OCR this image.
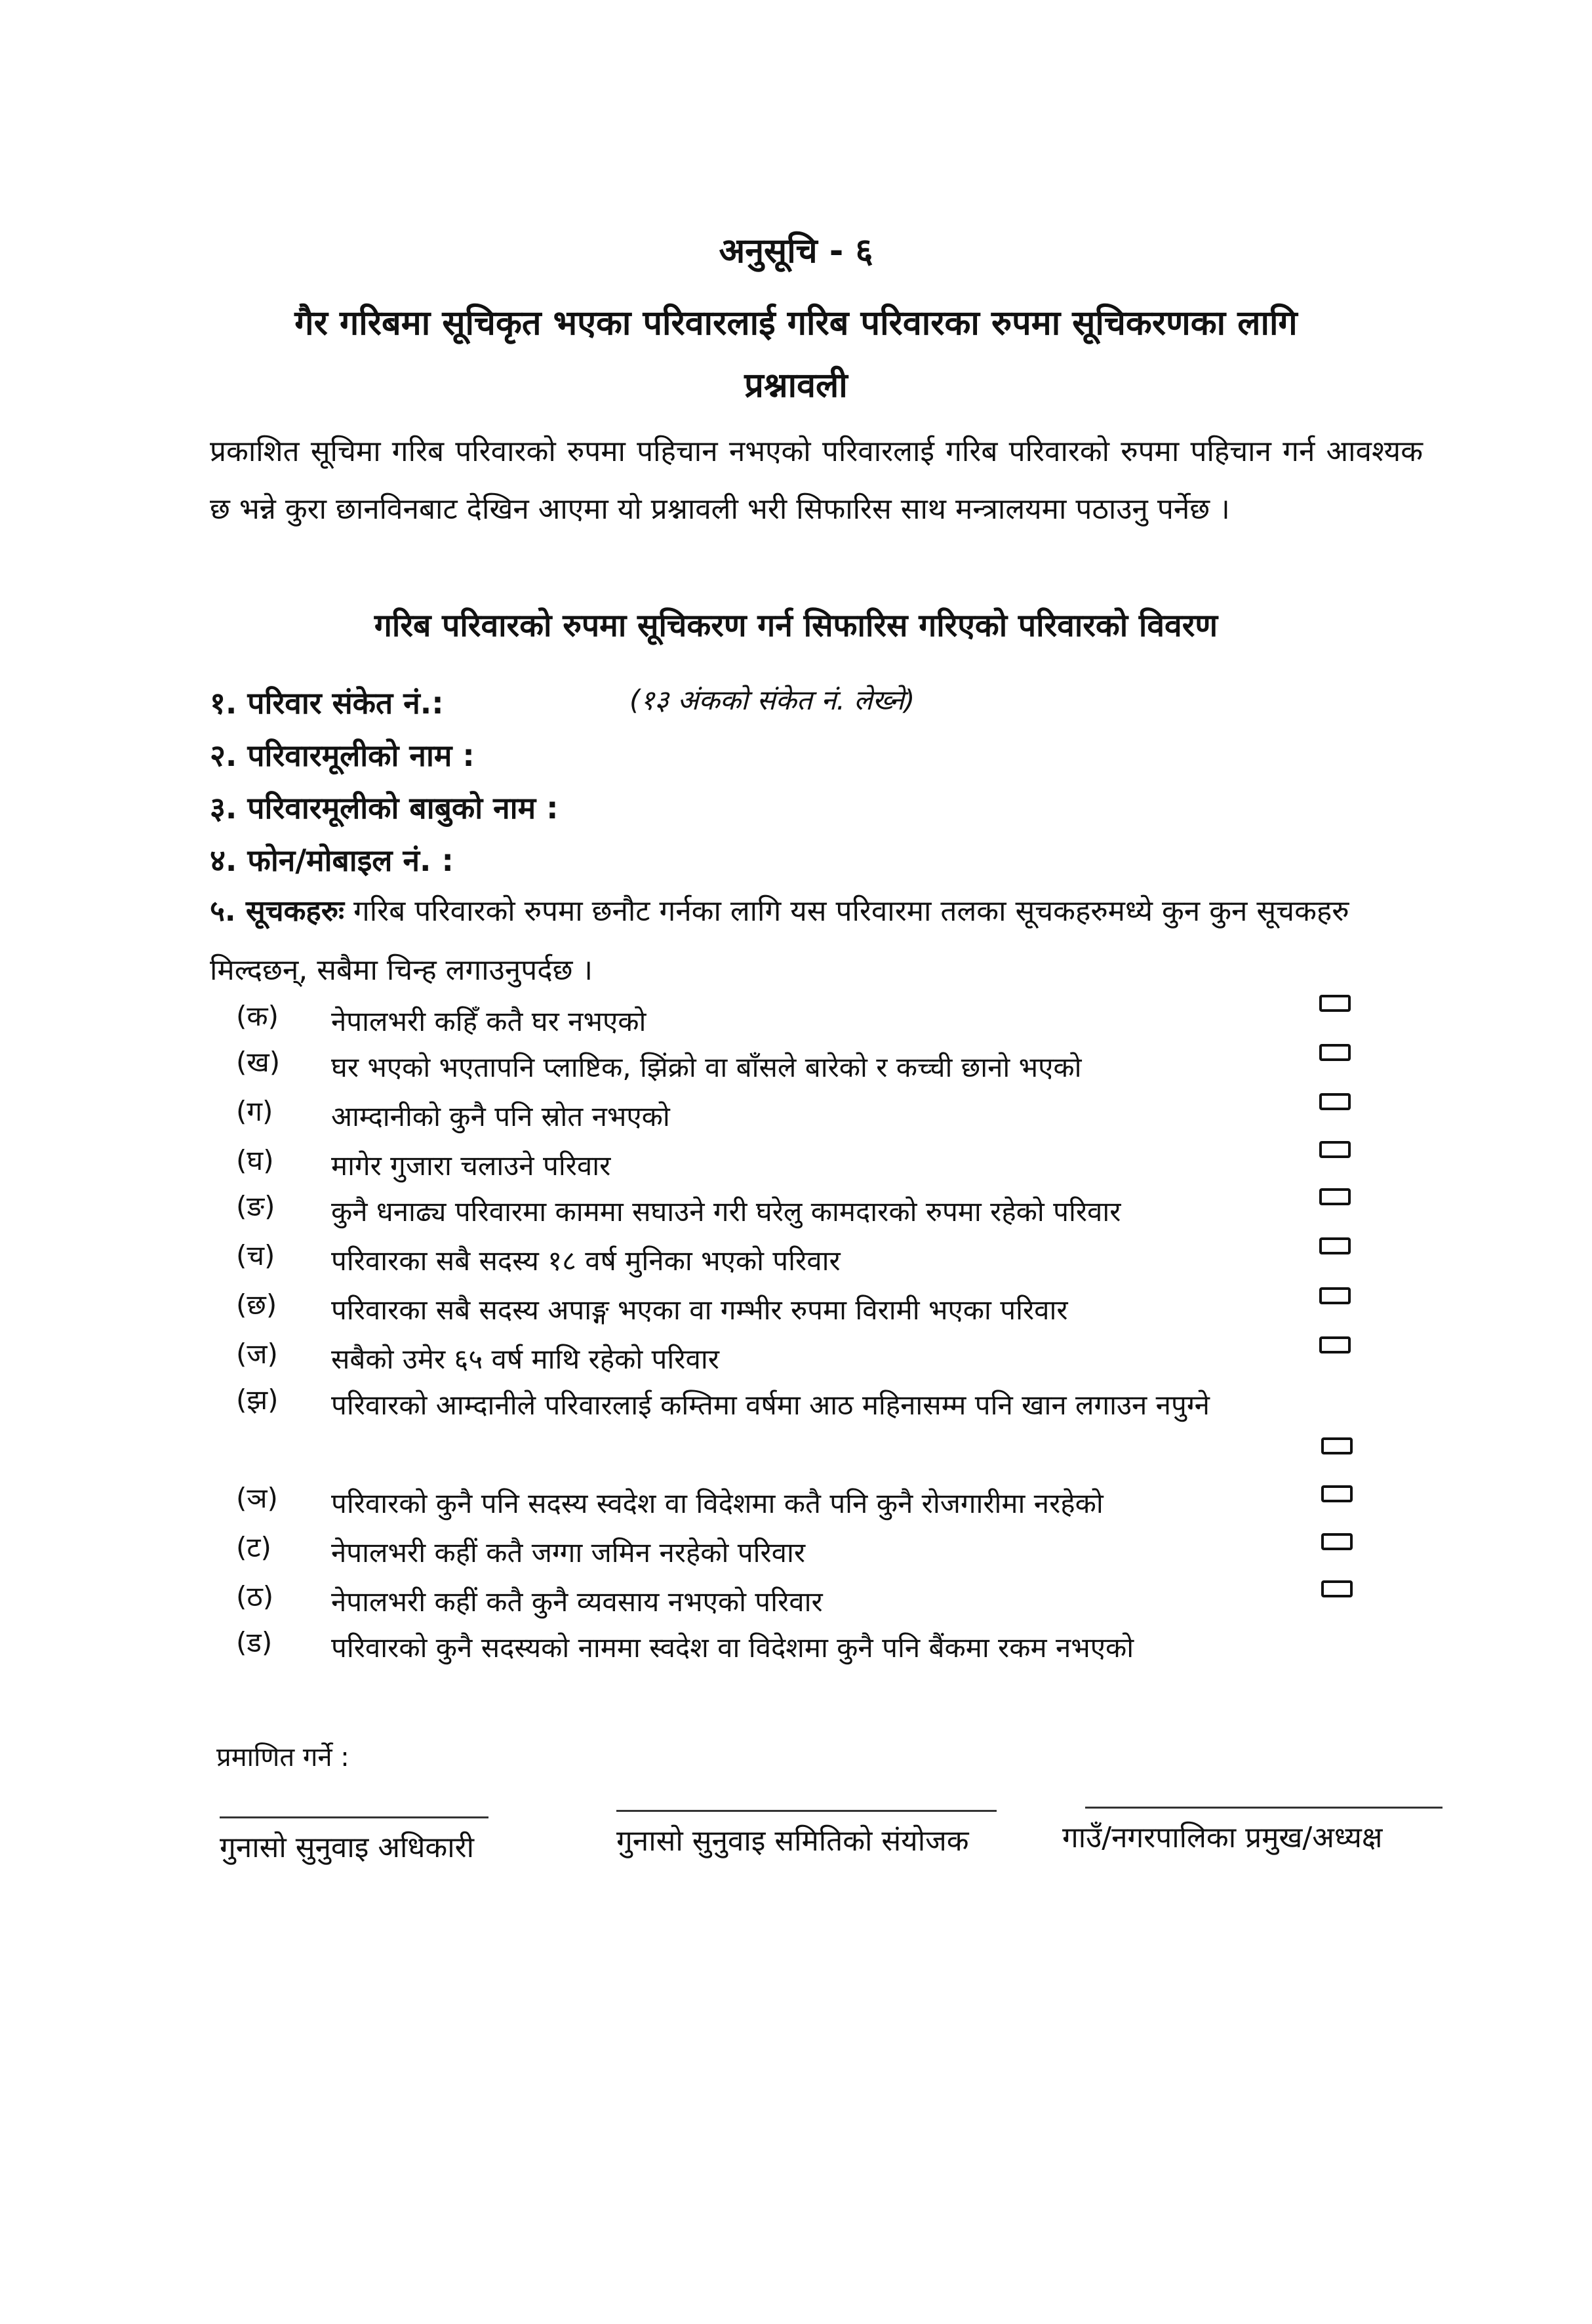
अनुसूचि - ६
गैर गरिबमा सूचिकृत भएका परिवारलाई गरिब परिवारका रुपमा सूचिकरणका लागि
प्रश्नावली
प्रकाशित सूचिमा गरिब परिवारको रुपमा पहिचान नभएको परिवारलाई गरिब परिवारको रुपमा पहिचान गर्न आवश्यक छ भन्ने कुरा छानविनबाट देखिन आएमा यो प्रश्नावली भरी सिफारिस साथ मन्त्रालयमा पठाउनु पर्नेछ ।
गरिब परिवारको रुपमा सूचिकरण गर्न सिफारिस गरिएको परिवारको विवरण
१. परिवार संकेत नं.:	(१३ अंकको संकेत नं. लेख्ने)
२. परिवारमूलीको नाम :
३. परिवारमूलीको बाबुको नाम :
४. फोन/मोबाइल नं. :
५. सूचकहरुः गरिब परिवारको रुपमा छनौट गर्नका लागि यस परिवारमा तलका सूचकहरुमध्ये कुन कुन सूचकहरु मिल्दछन्, सबैमा चिन्ह लगाउनुपर्दछ ।
(क)	नेपालभरी कहिँ कतै घर नभएको
(ख)	घर भएको भएतापनि प्लाष्टिक, झिंक्रो वा बाँसले बारेको र कच्ची छानो भएको
(ग)	आम्दानीको कुनै पनि स्रोत नभएको
(घ)	मागेर गुजारा चलाउने परिवार
(ङ)	कुनै धनाढ्य परिवारमा काममा सघाउने गरी घरेलु कामदारको रुपमा रहेको परिवार
(च)	परिवारका सबै सदस्य १८ वर्ष मुनिका भएको परिवार
(छ)	परिवारका सबै सदस्य अपाङ्ग भएका वा गम्भीर रुपमा विरामी भएका परिवार
(ज)	सबैको उमेर ६५ वर्ष माथि रहेको परिवार
(झ)	परिवारको आम्दानीले परिवारलाई कम्तिमा वर्षमा आठ महिनासम्म पनि खान लगाउन नपुग्ने
(ञ)	परिवारको कुनै पनि सदस्य स्वदेश वा विदेशमा कतै पनि कुनै रोजगारीमा नरहेको
(ट)	नेपालभरी कहीं कतै जग्गा जमिन नरहेको परिवार
(ठ)	नेपालभरी कहीं कतै कुनै व्यवसाय नभएको परिवार
(ड)	परिवारको कुनै सदस्यको नाममा स्वदेश वा विदेशमा कुनै पनि बैंकमा रकम नभएको
प्रमाणित गर्ने :
गुनासो सुनुवाइ अधिकारी	गुनासो सुनुवाइ समितिको संयोजक	गाउँ/नगरपालिका प्रमुख/अध्यक्ष
